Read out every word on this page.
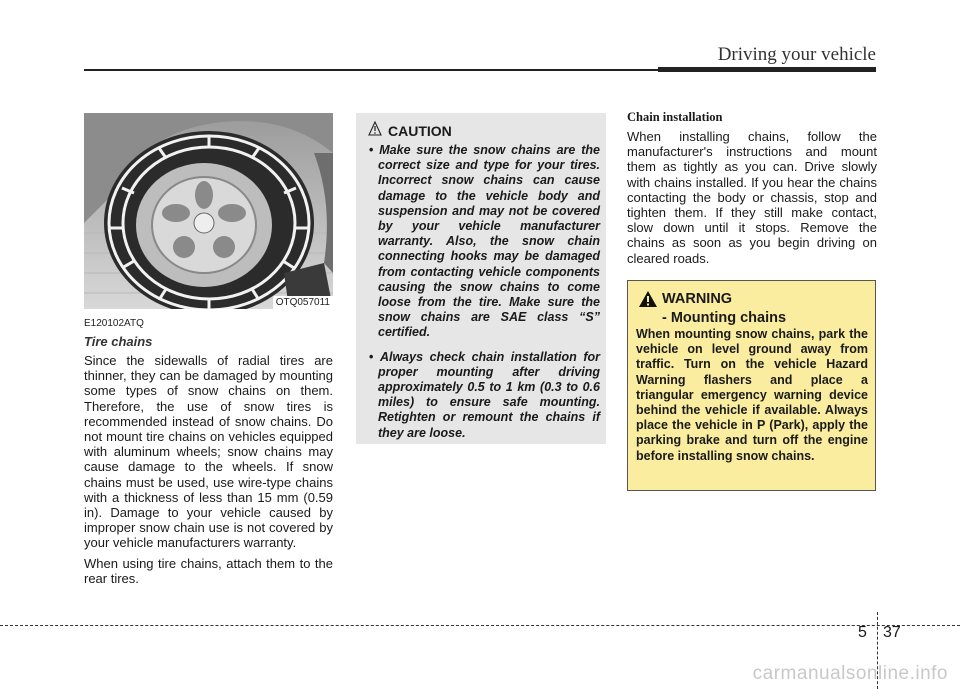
Driving your vehicle
OTQ057011
E120102ATQ
Tire chains

Since the sidewalls of radial tires are thinner, they can be damaged by mounting some types of snow chains on them. Therefore, the use of snow tires is recommended instead of snow chains. Do not mount tire chains on vehicles equipped with aluminum wheels; snow chains may cause damage to the wheels. If snow chains must be used, use wire-type chains with a thickness of less than 15 mm (0.59 in). Damage to your vehicle caused by improper snow chain use is not covered by your vehicle manufacturers warranty.

When using tire chains, attach them to the rear tires.

CAUTION
• Make sure the snow chains are the correct size and type for your tires. Incorrect snow chains can cause damage to the vehicle body and suspension and may not be covered by your vehicle manufacturer warranty. Also, the snow chain connecting hooks may be damaged from contacting vehicle components causing the snow chains to come loose from the tire. Make sure the snow chains are SAE class “S” certified.
• Always check chain installation for proper mounting after driving approximately 0.5 to 1 km (0.3 to 0.6 miles) to ensure safe mounting. Retighten or remount the chains if they are loose.
Chain installation

When installing chains, follow the manufacturer's instructions and mount them as tightly as you can. Drive slowly with chains installed. If you hear the chains contacting the body or chassis, stop and tighten them. If they still make contact, slow down until it stops. Remove the chains as soon as you begin driving on cleared roads.

WARNING
- Mounting chains

When mounting snow chains, park the vehicle on level ground away from traffic. Turn on the vehicle Hazard Warning flashers and place a triangular emergency warning device behind the vehicle if available. Always place the vehicle in P (Park), apply the parking brake and turn off the engine before installing snow chains.

5 37
carmanualsonline.info
